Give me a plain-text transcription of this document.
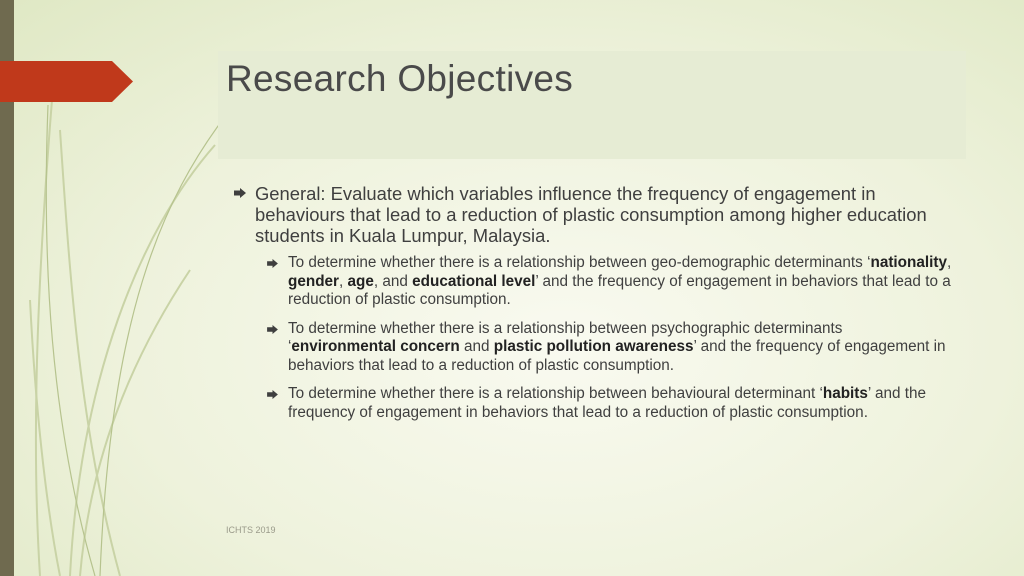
Research Objectives
General: Evaluate which variables influence the frequency of engagement in behaviours that lead to a reduction of plastic consumption among higher education students in Kuala Lumpur, Malaysia.
To determine whether there is a relationship between geo-demographic determinants ‘nationality, gender, age, and educational level’ and the frequency of engagement in behaviors that lead to a reduction of plastic consumption.
To determine whether there is a relationship between psychographic determinants ‘environmental concern and plastic pollution awareness’ and the frequency of engagement in behaviors that lead to a reduction of plastic consumption.
To determine whether there is a relationship between behavioural determinant ‘habits’ and the frequency of engagement in behaviors that lead to a reduction of plastic consumption.
ICHTS 2019
